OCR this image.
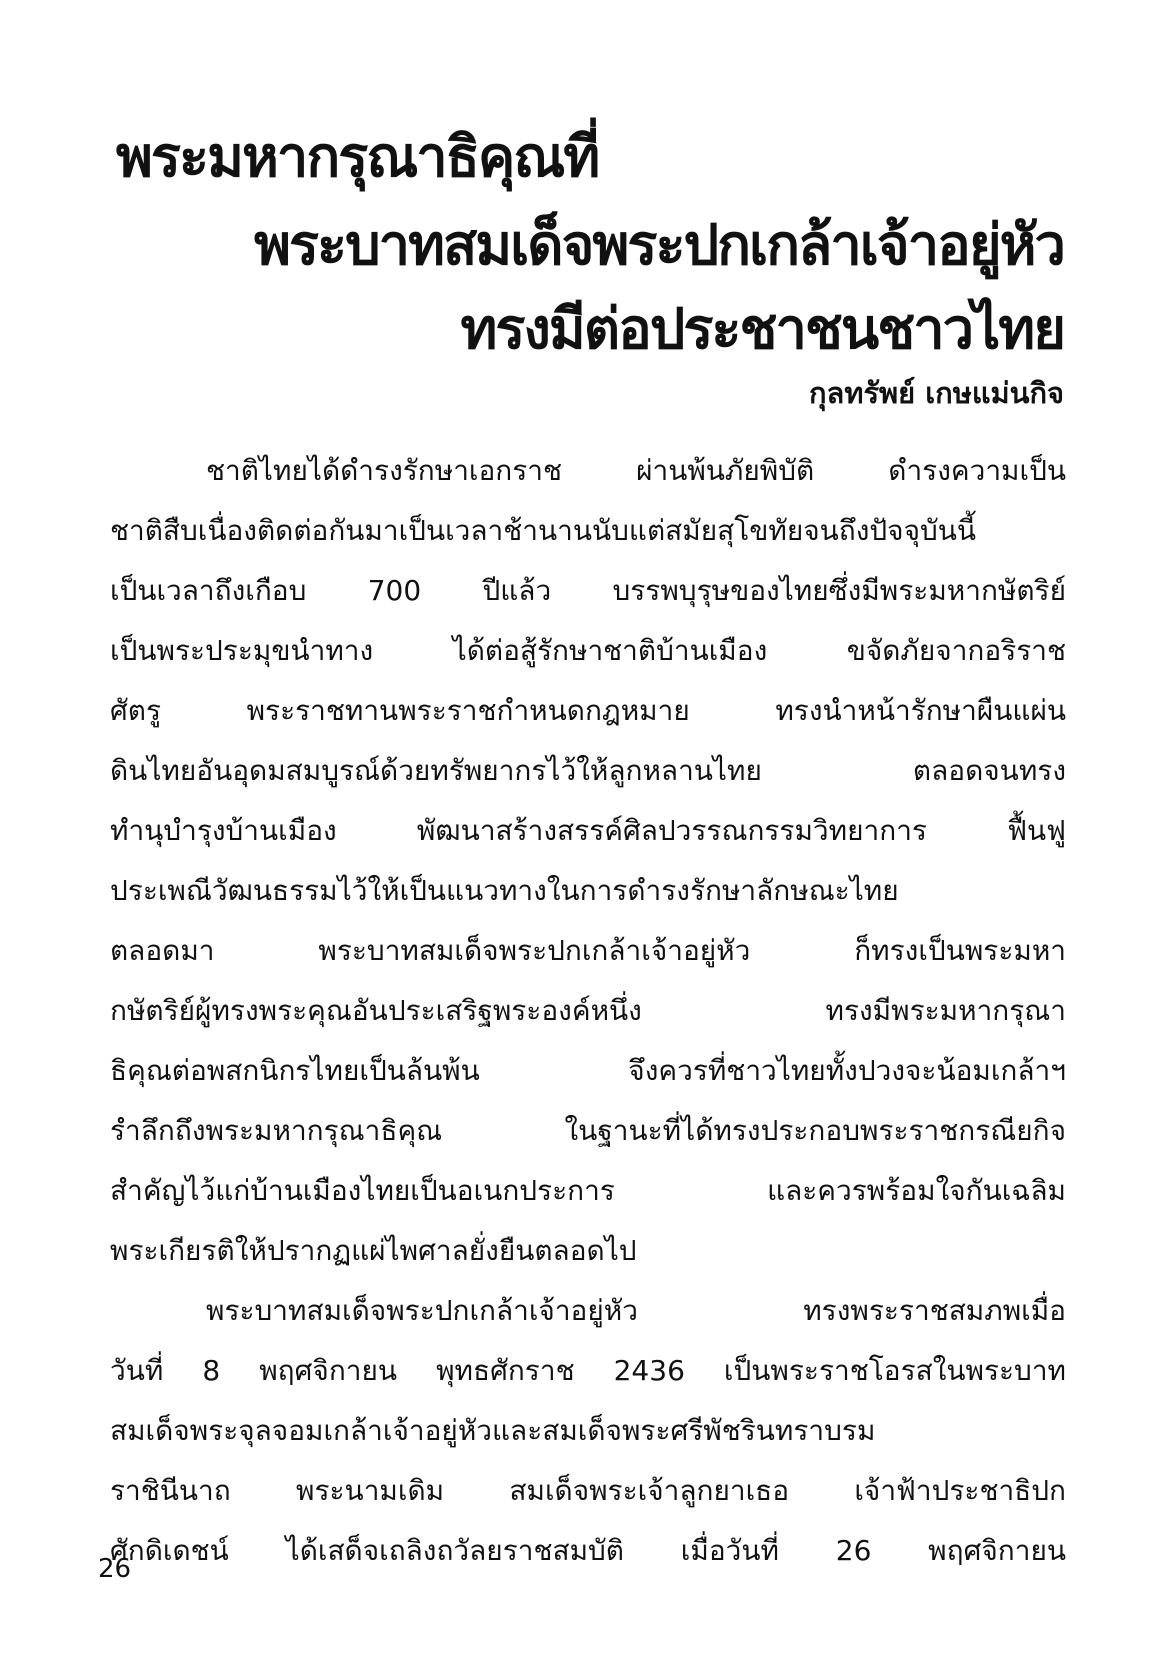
พระมหากรุณาธิคุณที่
พระบาทสมเด็จพระปกเกล้าเจ้าอยู่หัว
ทรงมีต่อประชาชนชาวไทย
กุลทรัพย์ เกษแม่นกิจ
ชาติไทยได้ดำรงรักษาเอกราช ผ่านพ้นภัยพิบัติ ดำรงความเป็น
ชาติสืบเนื่องติดต่อกันมาเป็นเวลาช้านานนับแต่สมัยสุโขทัยจนถึงปัจจุบันนี้
เป็นเวลาถึงเกือบ 700 ปีแล้ว บรรพบุรุษของไทยซึ่งมีพระมหากษัตริย์
เป็นพระประมุขนำทาง ได้ต่อสู้รักษาชาติบ้านเมือง ขจัดภัยจากอริราช
ศัตรู พระราชทานพระราชกำหนดกฎหมาย ทรงนำหน้ารักษาผืนแผ่น
ดินไทยอันอุดมสมบูรณ์ด้วยทรัพยากรไว้ให้ลูกหลานไทย ตลอดจนทรง
ทำนุบำรุงบ้านเมือง พัฒนาสร้างสรรค์ศิลปวรรณกรรมวิทยาการ ฟื้นฟู
ประเพณีวัฒนธรรมไว้ให้เป็นแนวทางในการดำรงรักษาลักษณะไทย
ตลอดมา พระบาทสมเด็จพระปกเกล้าเจ้าอยู่หัว ก็ทรงเป็นพระมหา
กษัตริย์ผู้ทรงพระคุณอันประเสริฐพระองค์หนึ่ง ทรงมีพระมหากรุณา
ธิคุณต่อพสกนิกรไทยเป็นล้นพ้น จึงควรที่ชาวไทยทั้งปวงจะน้อมเกล้าฯ
รำลึกถึงพระมหากรุณาธิคุณ ในฐานะที่ได้ทรงประกอบพระราชกรณียกิจ
สำคัญไว้แก่บ้านเมืองไทยเป็นอเนกประการ และควรพร้อมใจกันเฉลิม
พระเกียรติให้ปรากฏแผ่ไพศาลยั่งยืนตลอดไป
พระบาทสมเด็จพระปกเกล้าเจ้าอยู่หัว ทรงพระราชสมภพเมื่อ
วันที่ 8 พฤศจิกายน พุทธศักราช 2436 เป็นพระราชโอรสในพระบาท
สมเด็จพระจุลจอมเกล้าเจ้าอยู่หัวและสมเด็จพระศรีพัชรินทราบรม
ราชินีนาถ พระนามเดิม สมเด็จพระเจ้าลูกยาเธอ เจ้าฟ้าประชาธิปก
ศักดิเดชน์ ได้เสด็จเถลิงถวัลยราชสมบัติ เมื่อวันที่ 26 พฤศจิกายน
26
